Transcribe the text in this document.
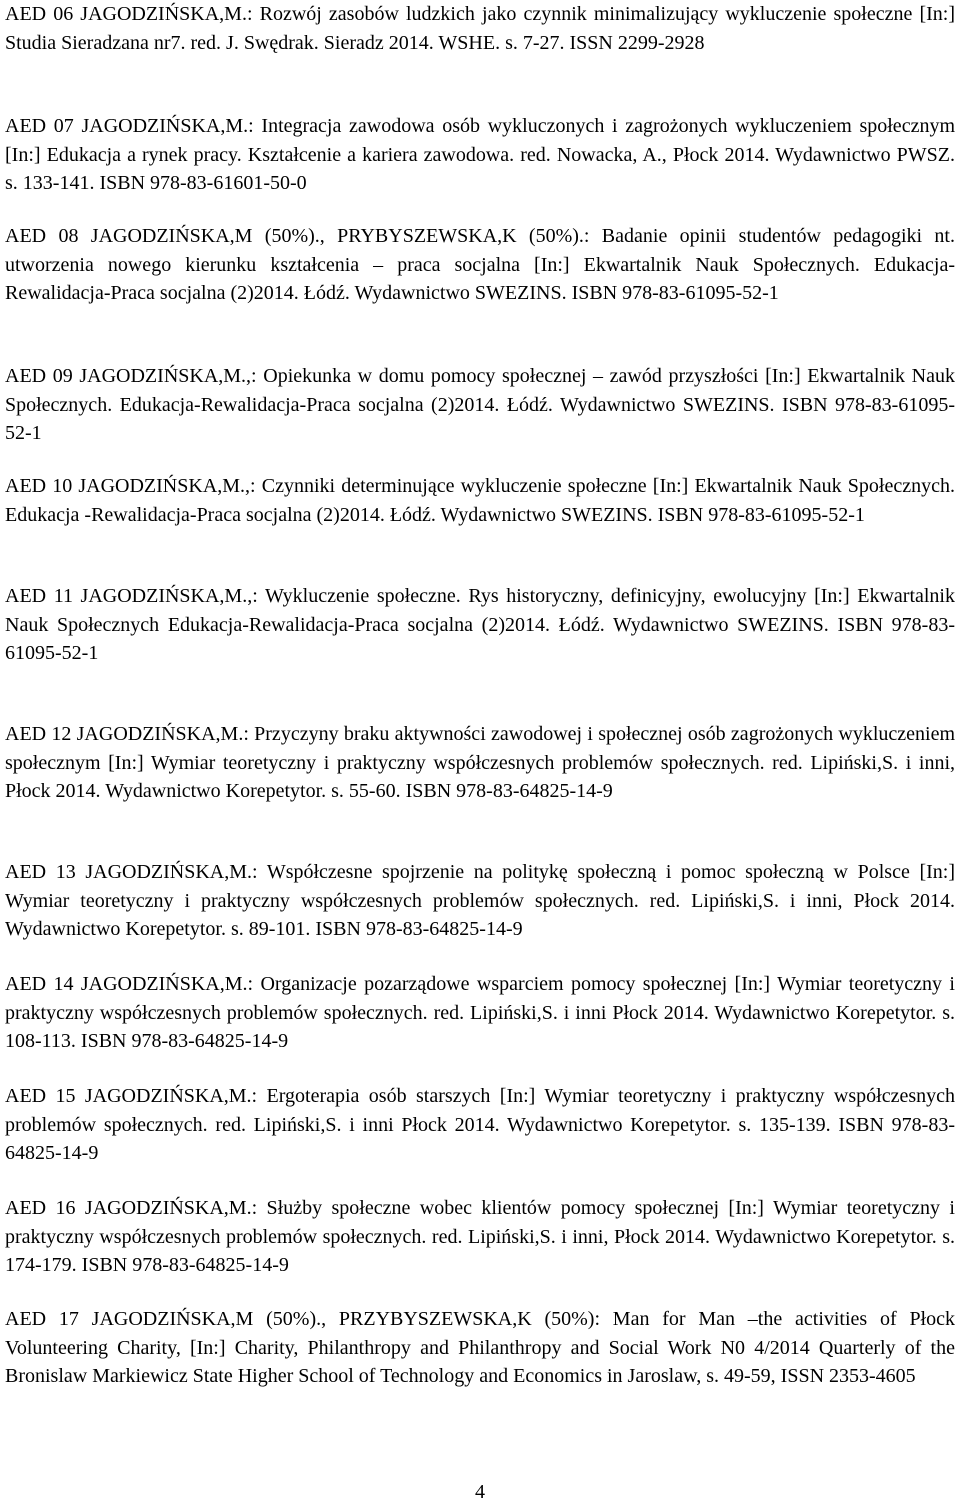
AED 06 JAGODZIŃSKA,M.: Rozwój zasobów ludzkich jako czynnik minimalizujący wykluczenie społeczne [In:] Studia Sieradzana nr7. red. J. Swędrak. Sieradz 2014. WSHE. s. 7-27. ISSN 2299-2928

AED 07 JAGODZIŃSKA,M.: Integracja zawodowa osób wykluczonych i zagrożonych wykluczeniem społecznym [In:] Edukacja a rynek pracy. Kształcenie a kariera zawodowa. red. Nowacka, A., Płock 2014. Wydawnictwo PWSZ. s. 133-141. ISBN 978-83-61601-50-0

AED 08 JAGODZIŃSKA,M (50%)., PRYBYSZEWSKA,K (50%).: Badanie opinii studentów pedagogiki nt. utworzenia nowego kierunku kształcenia – praca socjalna [In:] Ekwartalnik Nauk Społecznych. Edukacja-Rewalidacja-Praca socjalna (2)2014. Łódź. Wydawnictwo SWEZINS. ISBN 978-83-61095-52-1

AED 09 JAGODZIŃSKA,M.,: Opiekunka w domu pomocy społecznej – zawód przyszłości [In:] Ekwartalnik Nauk Społecznych. Edukacja-Rewalidacja-Praca socjalna (2)2014. Łódź. Wydawnictwo SWEZINS. ISBN 978-83-61095-52-1

AED 10 JAGODZIŃSKA,M.,: Czynniki determinujące wykluczenie społeczne [In:] Ekwartalnik Nauk Społecznych. Edukacja -Rewalidacja-Praca socjalna (2)2014. Łódź. Wydawnictwo SWEZINS. ISBN 978-83-61095-52-1

AED 11 JAGODZIŃSKA,M.,: Wykluczenie społeczne. Rys historyczny, definicyjny, ewolucyjny [In:] Ekwartalnik Nauk Społecznych Edukacja-Rewalidacja-Praca socjalna (2)2014. Łódź. Wydawnictwo SWEZINS. ISBN 978-83-61095-52-1

AED 12 JAGODZIŃSKA,M.: Przyczyny braku aktywności zawodowej i społecznej osób zagrożonych wykluczeniem społecznym [In:] Wymiar teoretyczny i praktyczny współczesnych problemów społecznych. red. Lipiński,S. i inni, Płock 2014. Wydawnictwo Korepetytor. s. 55-60. ISBN 978-83-64825-14-9

AED 13 JAGODZIŃSKA,M.: Współczesne spojrzenie na politykę społeczną i pomoc społeczną w Polsce [In:] Wymiar teoretyczny i praktyczny współczesnych problemów społecznych. red. Lipiński,S. i inni, Płock 2014. Wydawnictwo Korepetytor. s. 89-101. ISBN 978-83-64825-14-9

AED 14 JAGODZIŃSKA,M.: Organizacje pozarządowe wsparciem pomocy społecznej [In:] Wymiar teoretyczny i praktyczny współczesnych problemów społecznych. red. Lipiński,S. i inni Płock 2014. Wydawnictwo Korepetytor. s. 108-113. ISBN 978-83-64825-14-9

AED 15 JAGODZIŃSKA,M.: Ergoterapia osób starszych [In:] Wymiar teoretyczny i praktyczny współczesnych problemów społecznych. red. Lipiński,S. i inni Płock 2014. Wydawnictwo Korepetytor. s. 135-139. ISBN 978-83-64825-14-9

AED 16 JAGODZIŃSKA,M.: Służby społeczne wobec klientów pomocy społecznej [In:] Wymiar teoretyczny i praktyczny współczesnych problemów społecznych. red. Lipiński,S. i inni, Płock 2014. Wydawnictwo Korepetytor. s. 174-179. ISBN 978-83-64825-14-9

AED 17 JAGODZIŃSKA,M (50%)., PRZYBYSZEWSKA,K (50%): Man for Man –the activities of Płock Volunteering Charity, [In:] Charity, Philanthropy and Philanthropy and Social Work N0 4/2014 Quarterly of the Bronislaw Markiewicz State Higher School of Technology and Economics in Jaroslaw, s. 49-59, ISSN 2353-4605

4
